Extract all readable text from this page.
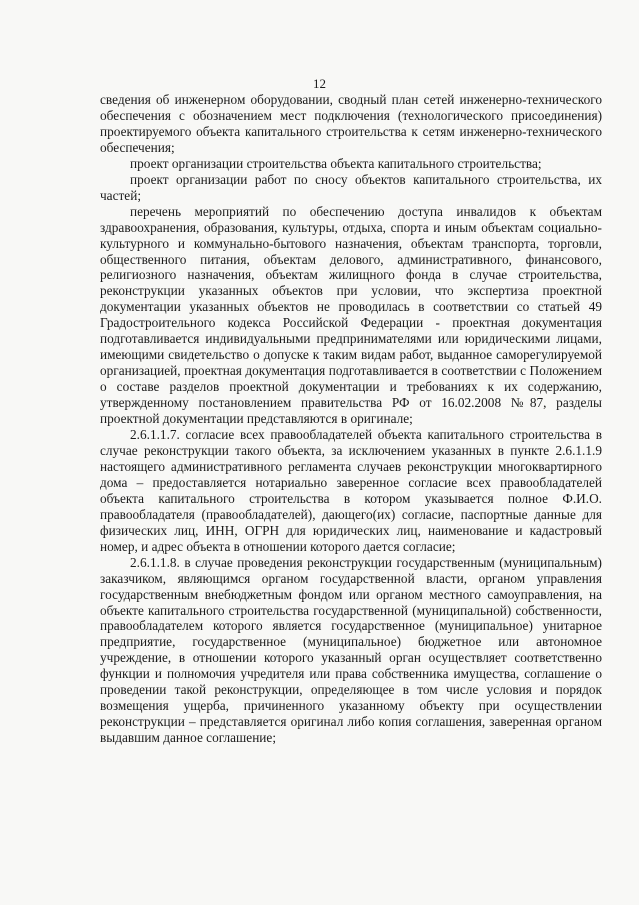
12

сведения об инженерном оборудовании, сводный план сетей инженерно-технического обеспечения с обозначением мест подключения (технологического присоединения) проектируемого объекта капитального строительства к сетям инженерно-технического обеспечения;

проект организации строительства объекта капитального строительства;

проект организации работ по сносу объектов капитального строительства, их частей;

перечень мероприятий по обеспечению доступа инвалидов к объектам здравоохранения, образования, культуры, отдыха, спорта и иным объектам социально-культурного и коммунально-бытового назначения, объектам транспорта, торговли, общественного питания, объектам делового, административного, финансового, религиозного назначения, объектам жилищного фонда в случае строительства, реконструкции указанных объектов при условии, что экспертиза проектной документации указанных объектов не проводилась в соответствии со статьей 49 Градостроительного кодекса Российской Федерации - проектная документация подготавливается индивидуальными предпринимателями или юридическими лицами, имеющими свидетельство о допуске к таким видам работ, выданное саморегулируемой организацией, проектная документация подготавливается в соответствии с Положением о составе разделов проектной документации и требованиях к их содержанию, утвержденному постановлением правительства РФ от 16.02.2008 №87, разделы проектной документации представляются в оригинале;

2.6.1.1.7. согласие всех правообладателей объекта капитального строительства в случае реконструкции такого объекта, за исключением указанных в пункте 2.6.1.1.9 настоящего административного регламента случаев реконструкции многоквартирного дома – предоставляется нотариально заверенное согласие всех правообладателей объекта капитального строительства в котором указывается полное Ф.И.О. правообладателя (правообладателей), дающего(их) согласие, паспортные данные для физических лиц, ИНН, ОГРН для юридических лиц, наименование и кадастровый номер, и адрес объекта в отношении которого дается согласие;

2.6.1.1.8. в случае проведения реконструкции государственным (муниципальным) заказчиком, являющимся органом государственной власти, органом управления государственным внебюджетным фондом или органом местного самоуправления, на объекте капитального строительства государственной (муниципальной) собственности, правообладателем которого является государственное (муниципальное) унитарное предприятие, государственное (муниципальное) бюджетное или автономное учреждение, в отношении которого указанный орган осуществляет соответственно функции и полномочия учредителя или права собственника имущества, соглашение о проведении такой реконструкции, определяющее в том числе условия и порядок возмещения ущерба, причиненного указанному объекту при осуществлении реконструкции – представляется оригинал либо копия соглашения, заверенная органом выдавшим данное соглашение;
